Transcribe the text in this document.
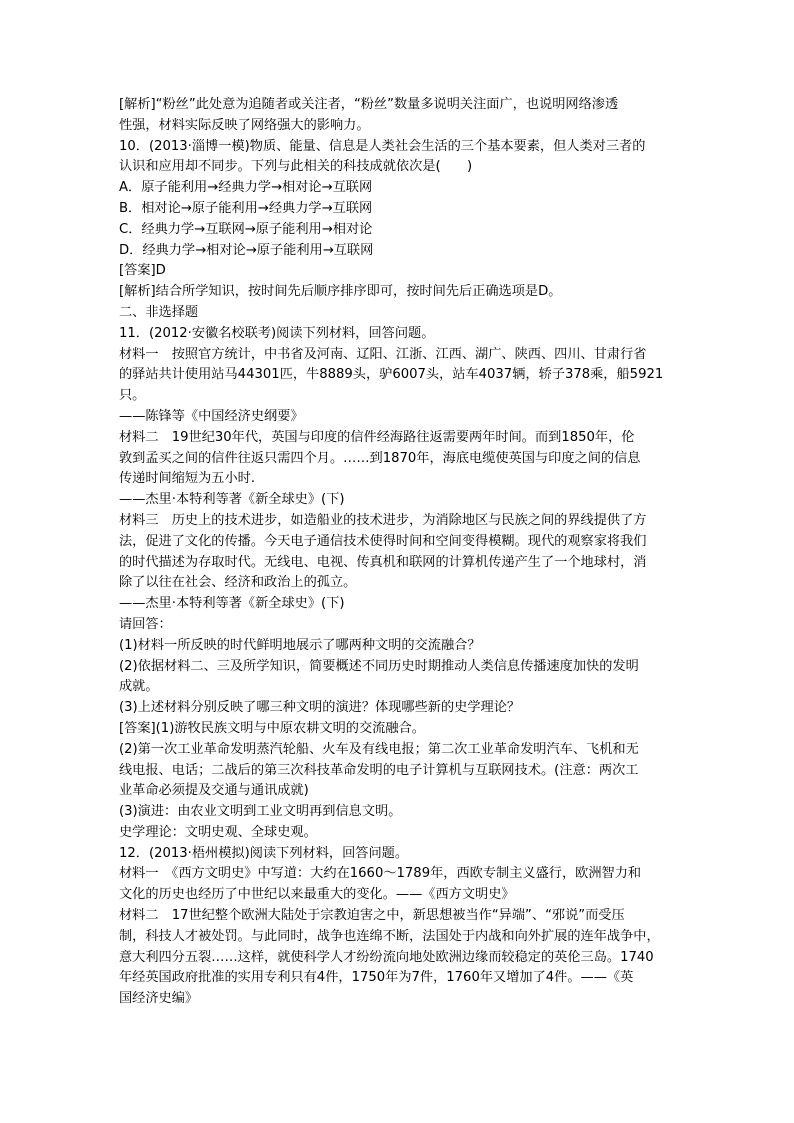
[解析]“粉丝”此处意为追随者或关注者，“粉丝”数量多说明关注面广，也说明网络渗透
性强，材料实际反映了网络强大的影响力。
10．(2013·淄博一模)物质、能量、信息是人类社会生活的三个基本要素，但人类对三者的
认识和应用却不同步。下列与此相关的科技成就依次是(　　)
A．原子能利用→经典力学→相对论→互联网
B．相对论→原子能利用→经典力学→互联网
C．经典力学→互联网→原子能利用→相对论
D．经典力学→相对论→原子能利用→互联网
[答案]D
[解析]结合所学知识，按时间先后顺序排序即可，按时间先后正确选项是D。
二、非选择题
11．(2012·安徽名校联考)阅读下列材料，回答问题。
材料一　按照官方统计，中书省及河南、辽阳、江浙、江西、湖广、陕西、四川、甘肃行省
的驿站共计使用站马44301匹，牛8889头，驴6007头，站车4037辆，轿子378乘，船5921
只。
——陈锋等《中国经济史纲要》
材料二　19世纪30年代，英国与印度的信件经海路往返需要两年时间。而到1850年，伦
敦到孟买之间的信件往返只需四个月。……到1870年，海底电缆使英国与印度之间的信息
传递时间缩短为五小时.
——杰里·本特利等著《新全球史》(下)
材料三　历史上的技术进步，如造船业的技术进步，为消除地区与民族之间的界线提供了方
法，促进了文化的传播。今天电子通信技术使得时间和空间变得模糊。现代的观察家将我们
的时代描述为存取时代。无线电、电视、传真机和联网的计算机传递产生了一个地球村，消
除了以往在社会、经济和政治上的孤立。
——杰里·本特利等著《新全球史》(下)
请回答：
(1)材料一所反映的时代鲜明地展示了哪两种文明的交流融合？
(2)依据材料二、三及所学知识，简要概述不同历史时期推动人类信息传播速度加快的发明
成就。
(3)上述材料分别反映了哪三种文明的演进？体现哪些新的史学理论？
[答案](1)游牧民族文明与中原农耕文明的交流融合。
(2)第一次工业革命发明蒸汽轮船、火车及有线电报；第二次工业革命发明汽车、飞机和无
线电报、电话；二战后的第三次科技革命发明的电子计算机与互联网技术。(注意：两次工
业革命必须提及交通与通讯成就)
(3)演进：由农业文明到工业文明再到信息文明。
史学理论：文明史观、全球史观。
12．(2013·梧州模拟)阅读下列材料，回答问题。
材料一　《西方文明史》中写道：大约在1660～1789年，西欧专制主义盛行，欧洲智力和
文化的历史也经历了中世纪以来最重大的变化。——《西方文明史》
材料二　17世纪整个欧洲大陆处于宗教迫害之中，新思想被当作“异端”、“邪说”而受压
制，科技人才被处罚。与此同时，战争也连绵不断，法国处于内战和向外扩展的连年战争中，
意大利四分五裂……这样，就使科学人才纷纷流向地处欧洲边缘而较稳定的英伦三岛。1740
年经英国政府批准的实用专利只有4件，1750年为7件，1760年又增加了4件。——《英
国经济史编》
